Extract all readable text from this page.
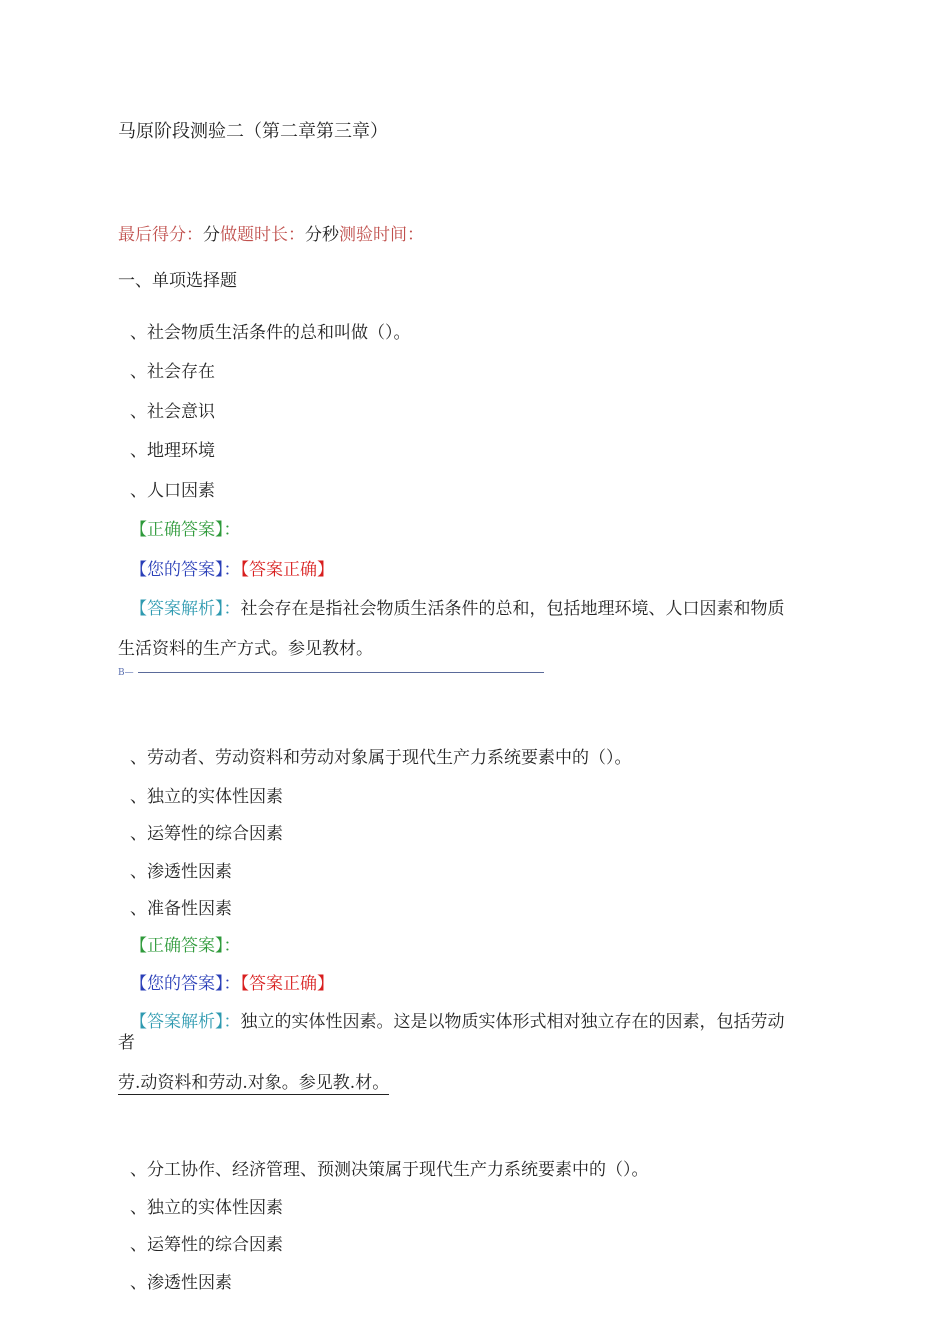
马原阶段测验二（第二章第三章）
最后得分：分做题时长：分秒测验时间：
一、单项选择题
、社会物质生活条件的总和叫做（）。
、社会存在
、社会意识
、地理环境
、人口因素
【正确答案】：
【您的答案】：【答案正确】
【答案解析】：社会存在是指社会物质生活条件的总和，包括地理环境、人口因素和物质
生活资料的生产方式。参见教材。
B—
、劳动者、劳动资料和劳动对象属于现代生产力系统要素中的（）。
、独立的实体性因素
、运筹性的综合因素
、渗透性因素
、准备性因素
【正确答案】：
【您的答案】：【答案正确】
【答案解析】：独立的实体性因素。这是以物质实体形式相对独立存在的因素，包括劳动
者
劳.动资料和劳动.对象。参见教.材。
、分工协作、经济管理、预测决策属于现代生产力系统要素中的（）。
、独立的实体性因素
、运筹性的综合因素
、渗透性因素
